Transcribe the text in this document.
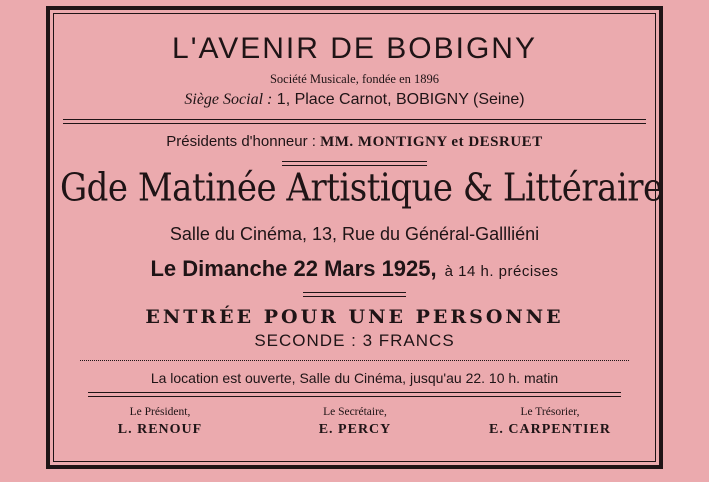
L'AVENIR DE BOBIGNY
Société Musicale, fondée en 1896
Siège Social : 1, Place Carnot, BOBIGNY (Seine)
Présidents d'honneur : MM. MONTIGNY et DESRUET
Gde Matinée Artistique & Littéraire
Salle du Cinéma, 13, Rue du Général-Gallliéni
Le Dimanche 22 Mars 1925, à 14 h. précises
ENTRÉE POUR UNE PERSONNE
SECONDE : 3 FRANCS
La location est ouverte, Salle du Cinéma, jusqu'au 22. 10 h. matin
Le Président,
L. RENOUF
Le Secrétaire,
E. PERCY
Le Trésorier,
E. CARPENTIER
